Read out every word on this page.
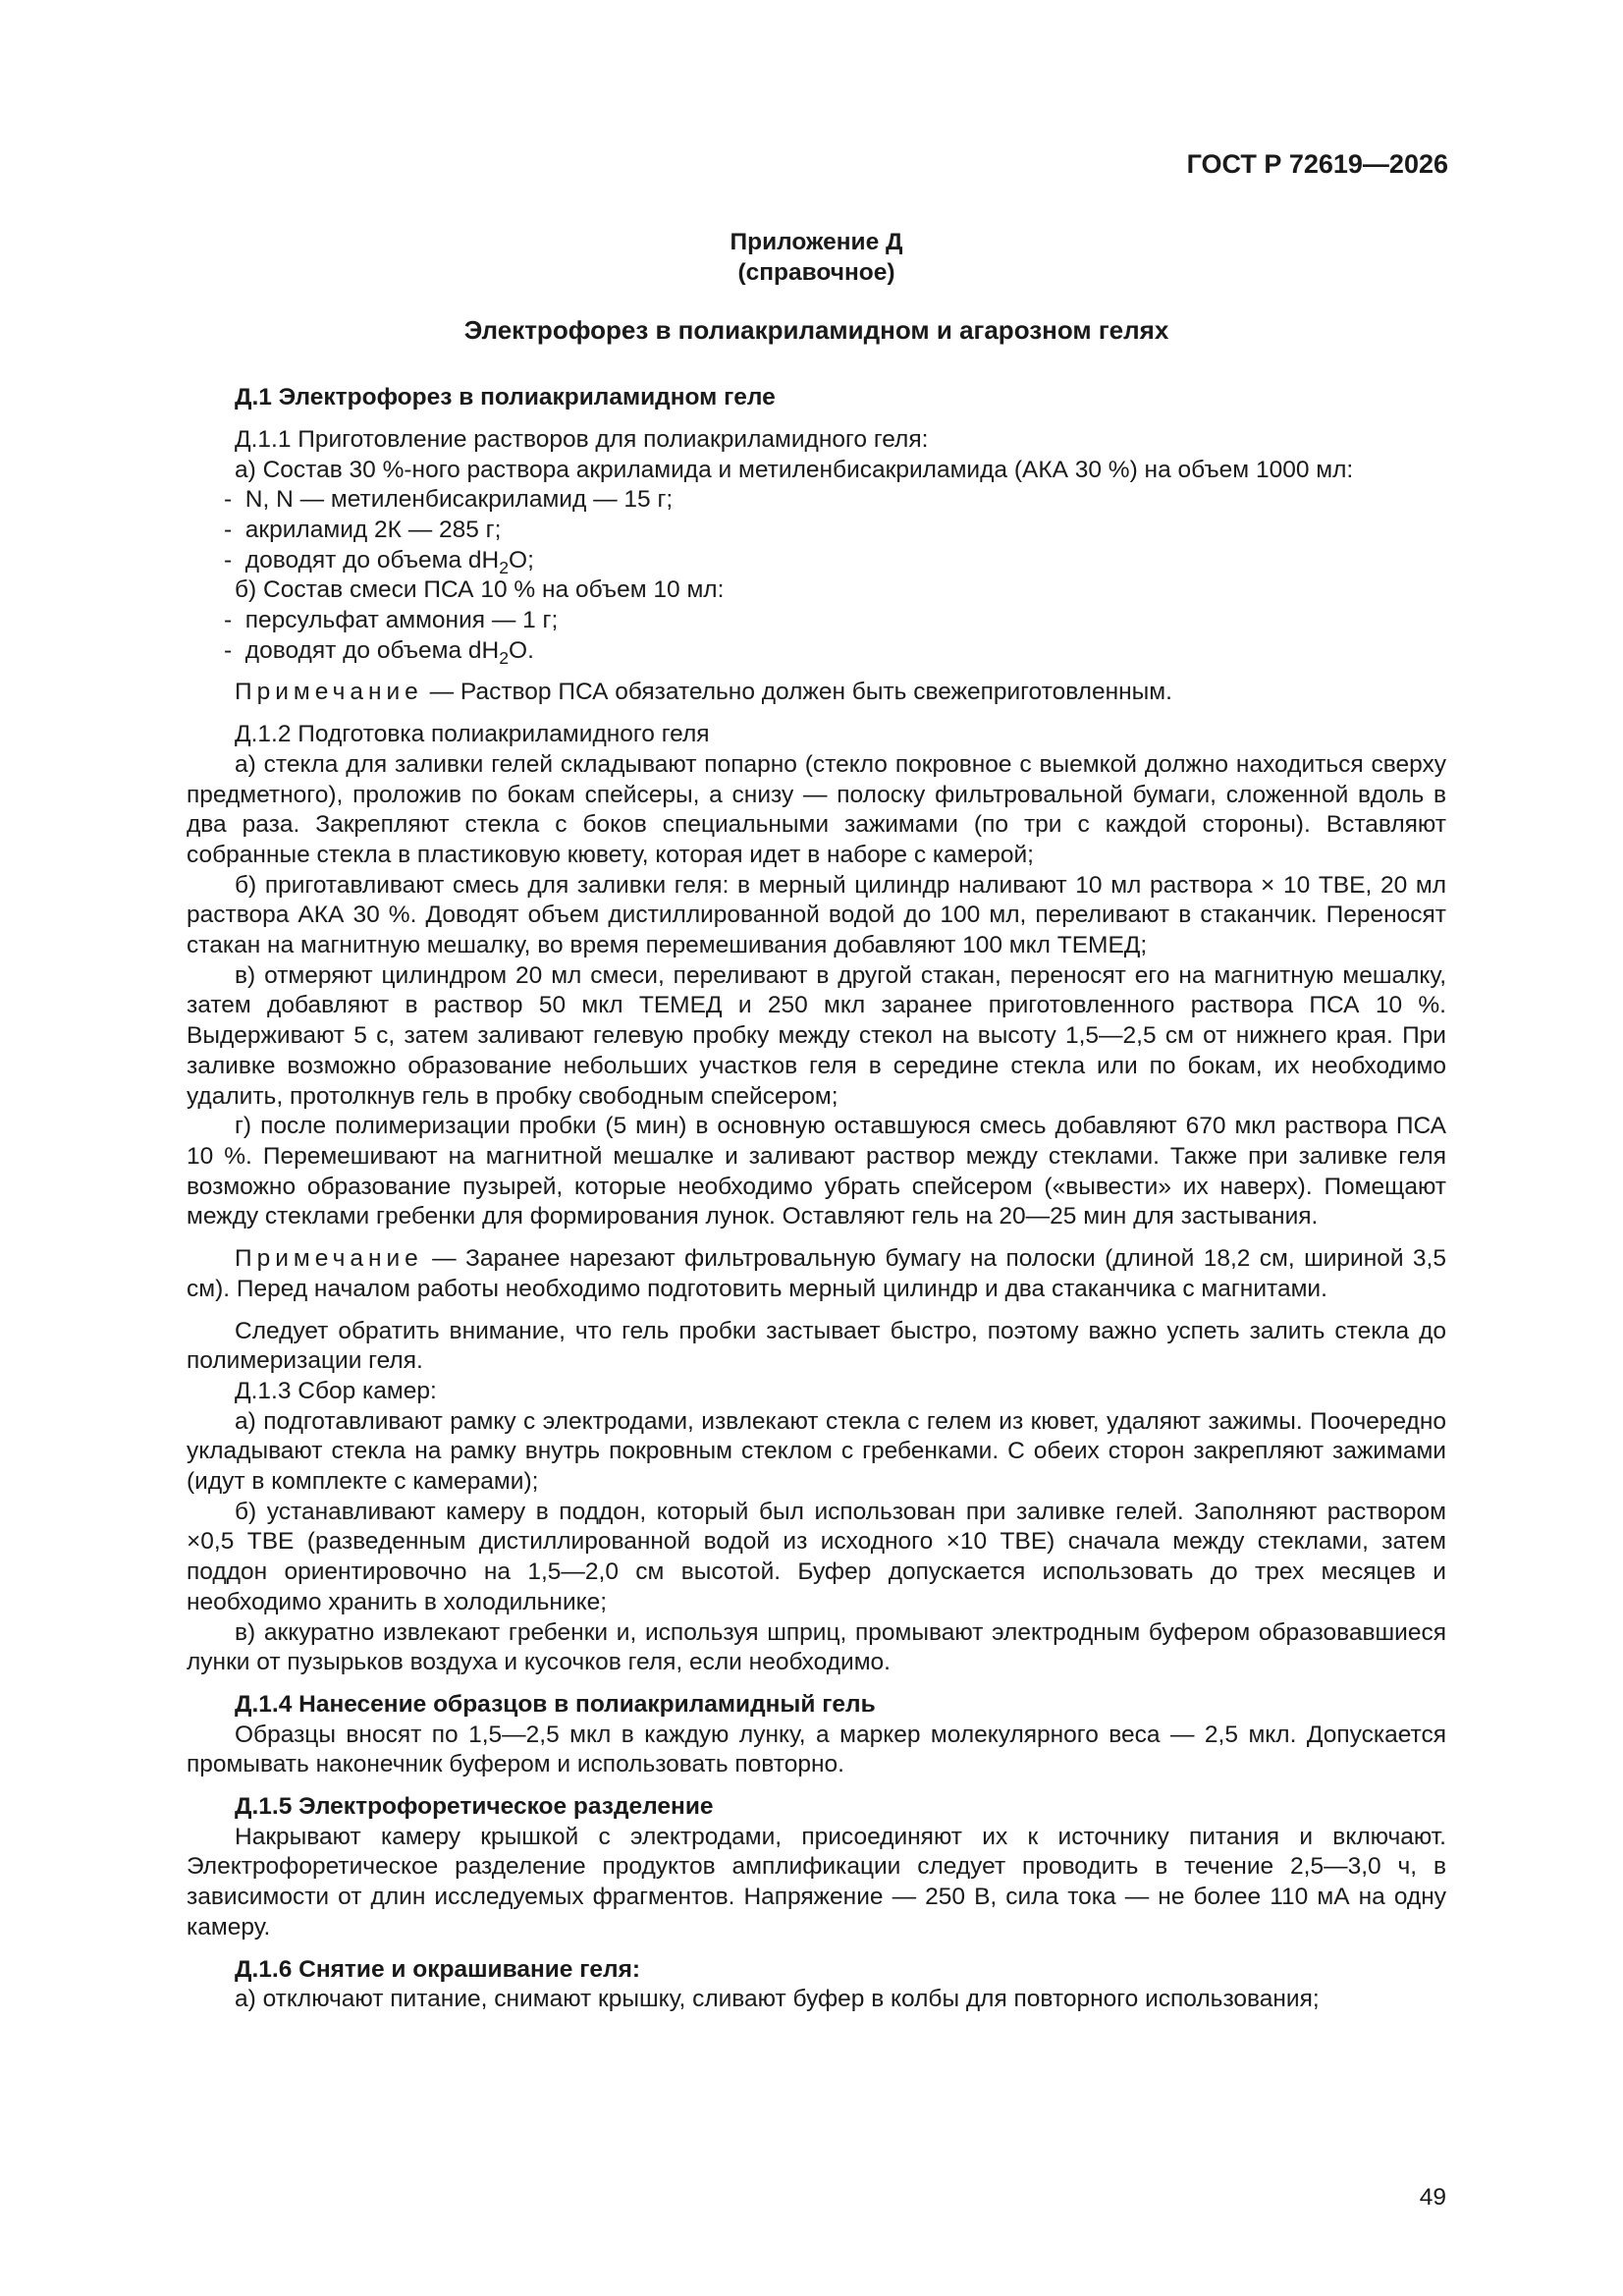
ГОСТ Р 72619—2026

Приложение Д

(справочное)

Электрофорез в полиакриламидном и агарозном гелях

Д.1 Электрофорез в полиакриламидном геле

Д.1.1 Приготовление растворов для полиакриламидного геля:

а) Состав 30 %-ного раствора акриламида и метиленбисакриламида (АКА 30 %) на объем 1000 мл:

-  N, N — метиленбисакриламид — 15 г;

-  акриламид 2К — 285 г;

-  доводят до объема $dH_2O$;

б) Состав смеси ПСА 10 % на объем 10 мл:

-  персульфат аммония — 1 г;

-  доводят до объема $dH_2O$.

Примечание — Раствор ПСА обязательно должен быть свежеприготовленным.

Д.1.2 Подготовка полиакриламидного геля

а) стекла для заливки гелей складывают попарно (стекло покровное с выемкой должно находиться сверху предметного), проложив по бокам спейсеры, а снизу — полоску фильтровальной бумаги, сложенной вдоль в два раза. Закрепляют стекла с боков специальными зажимами (по три с каждой стороны). Вставляют собранные стекла в пластиковую кювету, которая идет в наборе с камерой;

б) приготавливают смесь для заливки геля: в мерный цилиндр наливают 10 мл раствора × 10 ТВЕ, 20 мл раствора АКА 30 %. Доводят объем дистиллированной водой до 100 мл, переливают в стаканчик. Переносят стакан на магнитную мешалку, во время перемешивания добавляют 100 мкл ТЕМЕД;

в) отмеряют цилиндром 20 мл смеси, переливают в другой стакан, переносят его на магнитную мешалку, затем добавляют в раствор 50 мкл ТЕМЕД и 250 мкл заранее приготовленного раствора ПСА 10 %. Выдерживают 5 с, затем заливают гелевую пробку между стекол на высоту 1,5—2,5 см от нижнего края. При заливке возможно образование небольших участков геля в середине стекла или по бокам, их необходимо удалить, протолкнув гель в пробку свободным спейсером;

г) после полимеризации пробки (5 мин) в основную оставшуюся смесь добавляют 670 мкл раствора ПСА 10 %. Перемешивают на магнитной мешалке и заливают раствор между стеклами. Также при заливке геля возможно образование пузырей, которые необходимо убрать спейсером («вывести» их наверх). Помещают между стеклами гребенки для формирования лунок. Оставляют гель на 20—25 мин для застывания.

Примечание — Заранее нарезают фильтровальную бумагу на полоски (длиной 18,2 см, шириной 3,5 см). Перед началом работы необходимо подготовить мерный цилиндр и два стаканчика с магнитами.

Следует обратить внимание, что гель пробки застывает быстро, поэтому важно успеть залить стекла до полимеризации геля.

Д.1.3 Сбор камер:

а) подготавливают рамку с электродами, извлекают стекла с гелем из кювет, удаляют зажимы. Поочередно укладывают стекла на рамку внутрь покровным стеклом с гребенками. С обеих сторон закрепляют зажимами (идут в комплекте с камерами);

б) устанавливают камеру в поддон, который был использован при заливке гелей. Заполняют раствором ×0,5 ТВЕ (разведенным дистиллированной водой из исходного ×10 ТВЕ) сначала между стеклами, затем поддон ориентировочно на 1,5—2,0 см высотой. Буфер допускается использовать до трех месяцев и необходимо хранить в холодильнике;

в) аккуратно извлекают гребенки и, используя шприц, промывают электродным буфером образовавшиеся лунки от пузырьков воздуха и кусочков геля, если необходимо.

Д.1.4 Нанесение образцов в полиакриламидный гель

Образцы вносят по 1,5—2,5 мкл в каждую лунку, а маркер молекулярного веса — 2,5 мкл. Допускается промывать наконечник буфером и использовать повторно.

Д.1.5 Электрофоретическое разделение

Накрывают камеру крышкой с электродами, присоединяют их к источнику питания и включают. Электрофоретическое разделение продуктов амплификации следует проводить в течение 2,5—3,0 ч, в зависимости от длин исследуемых фрагментов. Напряжение — 250 В, сила тока — не более 110 мА на одну камеру.

Д.1.6 Снятие и окрашивание геля:

а) отключают питание, снимают крышку, сливают буфер в колбы для повторного использования;

49
